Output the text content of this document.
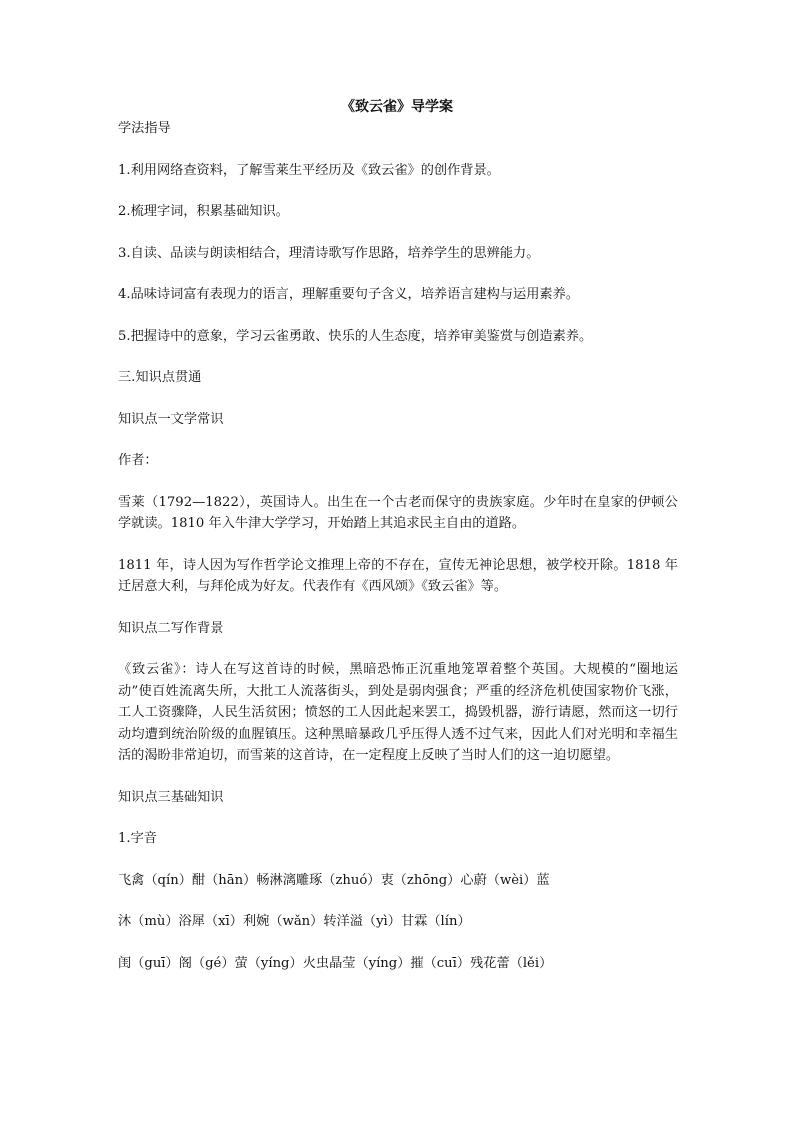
《致云雀》导学案

学法指导

1.利用网络查资料，了解雪莱生平经历及《致云雀》的创作背景。

2.梳理字词，积累基础知识。

3.自读、品读与朗读相结合，理清诗歌写作思路，培养学生的思辨能力。

4.品味诗词富有表现力的语言，理解重要句子含义，培养语言建构与运用素养。

5.把握诗中的意象，学习云雀勇敢、快乐的人生态度，培养审美鉴赏与创造素养。

三.知识点贯通

知识点一文学常识

作者：

雪莱（1792—1822），英国诗人。出生在一个古老而保守的贵族家庭。少年时在皇家的伊顿公学就读。1810 年入牛津大学学习，开始踏上其追求民主自由的道路。

1811 年，诗人因为写作哲学论文推理上帝的不存在，宣传无神论思想，被学校开除。1818 年迁居意大利，与拜伦成为好友。代表作有《西风颂》《致云雀》等。

知识点二写作背景

《致云雀》：诗人在写这首诗的时候，黑暗恐怖正沉重地笼罩着整个英国。大规模的“圈地运动”使百姓流离失所，大批工人流落街头，到处是弱肉强食；严重的经济危机使国家物价飞涨，工人工资骤降，人民生活贫困；愤怒的工人因此起来罢工，捣毁机器，游行请愿，然而这一切行动均遭到统治阶级的血腥镇压。这种黑暗暴政几乎压得人透不过气来，因此人们对光明和幸福生活的渴盼非常迫切，而雪莱的这首诗，在一定程度上反映了当时人们的这一迫切愿望。

知识点三基础知识

1.字音

飞禽（qín）酣（hān）畅淋漓雕琢（zhuó）衷（zhōng）心蔚（wèi）蓝

沐（mù）浴犀（xī）利婉（wǎn）转洋溢（yì）甘霖（lín）

闺（guī）阁（gé）萤（yíng）火虫晶莹（yíng）摧（cuī）残花蕾（lěi）
